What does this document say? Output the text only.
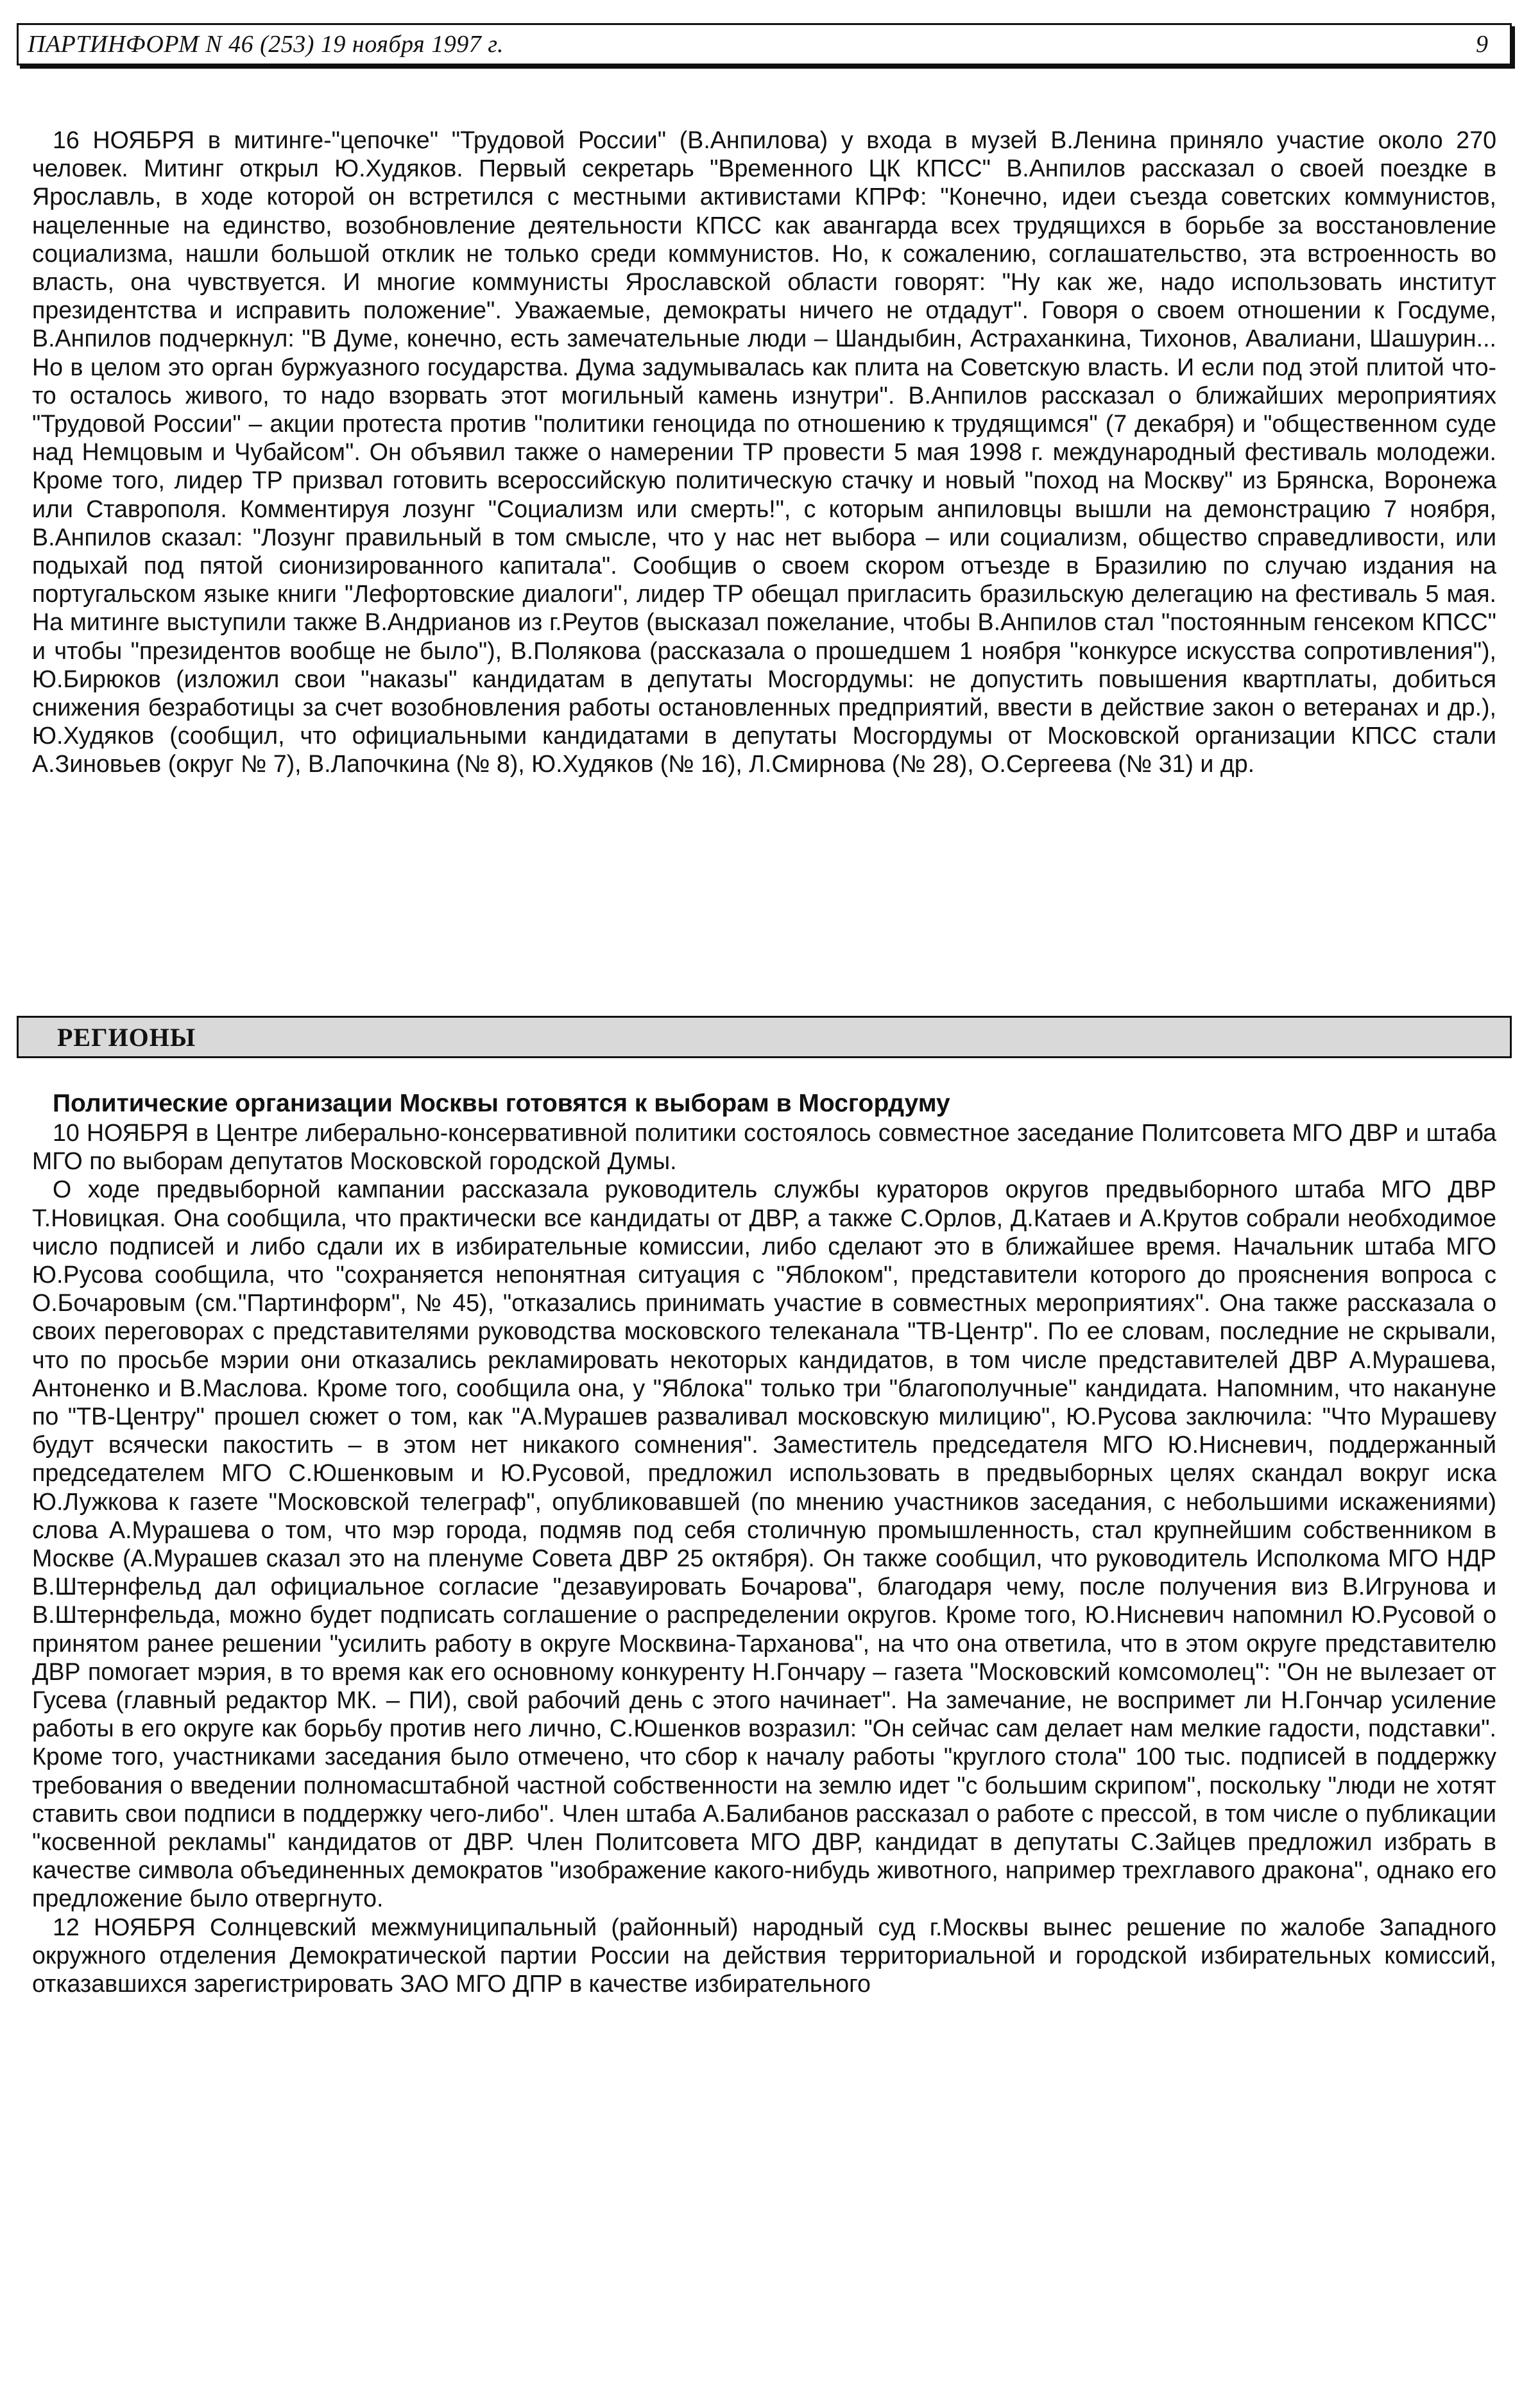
ПАРТИНФОРМ N 46 (253) 19 ноября 1997 г.	9

16 НОЯБРЯ в митинге-"цепочке" "Трудовой России" (В.Анпилова) у входа в музей В.Ленина приняло участие около 270 человек. Митинг открыл Ю.Худяков. Первый секретарь "Временного ЦК КПСС" В.Анпилов рассказал о своей поездке в Ярославль, в ходе которой он встретился с местными активистами КПРФ: "Конечно, идеи съезда советских коммунистов, нацеленные на единство, возобновление деятельности КПСС как авангарда всех трудящихся в борьбе за восстановление социализма, нашли большой отклик не только среди коммунистов. Но, к сожалению, соглашательство, эта встроенность во власть, она чувствуется. И многие коммунисты Ярославской области говорят: "Ну как же, надо использовать институт президентства и исправить положение". Уважаемые, демократы ничего не отдадут". Говоря о своем отношении к Госдуме, В.Анпилов подчеркнул: "В Думе, конечно, есть замечательные люди – Шандыбин, Астраханкина, Тихонов, Авалиани, Шашурин... Но в целом это орган буржуазного государства. Дума задумывалась как плита на Советскую власть. И если под этой плитой что-то осталось живого, то надо взорвать этот могильный камень изнутри". В.Анпилов рассказал о ближайших мероприятиях "Трудовой России" – акции протеста против "политики геноцида по отношению к трудящимся" (7 декабря) и "общественном суде над Немцовым и Чубайсом". Он объявил также о намерении ТР провести 5 мая 1998 г. международный фестиваль молодежи. Кроме того, лидер ТР призвал готовить всероссийскую политическую стачку и новый "поход на Москву" из Брянска, Воронежа или Ставрополя. Комментируя лозунг "Социализм или смерть!", с которым анпиловцы вышли на демонстрацию 7 ноября, В.Анпилов сказал: "Лозунг правильный в том смысле, что у нас нет выбора – или социализм, общество справедливости, или подыхай под пятой сионизированного капитала". Сообщив о своем скором отъезде в Бразилию по случаю издания на португальском языке книги "Лефортовские диалоги", лидер ТР обещал пригласить бразильскую делегацию на фестиваль 5 мая. На митинге выступили также В.Андрианов из г.Реутов (высказал пожелание, чтобы В.Анпилов стал "постоянным генсеком КПСС" и чтобы "президентов вообще не было"), В.Полякова (рассказала о прошедшем 1 ноября "конкурсе искусства сопротивления"), Ю.Бирюков (изложил свои "наказы" кандидатам в депутаты Мосгордумы: не допустить повышения квартплаты, добиться снижения безработицы за счет возобновления работы остановленных предприятий, ввести в действие закон о ветеранах и др.), Ю.Худяков (сообщил, что официальными кандидатами в депутаты Мосгордумы от Московской организации КПСС стали А.Зиновьев (округ № 7), В.Лапочкина (№ 8), Ю.Худяков (№ 16), Л.Смирнова (№ 28), О.Сергеева (№ 31) и др.

РЕГИОНЫ
Политические организации Москвы готовятся к выборам в Мосгордуму

10 НОЯБРЯ в Центре либерально-консервативной политики состоялось совместное заседание Политсовета МГО ДВР и штаба МГО по выборам депутатов Московской городской Думы.

О ходе предвыборной кампании рассказала руководитель службы кураторов округов предвыборного штаба МГО ДВР Т.Новицкая. Она сообщила, что практически все кандидаты от ДВР, а также С.Орлов, Д.Катаев и А.Крутов собрали необходимое число подписей и либо сдали их в избирательные комиссии, либо сделают это в ближайшее время. Начальник штаба МГО Ю.Русова сообщила, что "сохраняется непонятная ситуация с "Яблоком", представители которого до прояснения вопроса с О.Бочаровым (см."Партинформ", № 45), "отказались принимать участие в совместных мероприятиях". Она также рассказала о своих переговорах с представителями руководства московского телеканала "ТВ-Центр". По ее словам, последние не скрывали, что по просьбе мэрии они отказались рекламировать некоторых кандидатов, в том числе представителей ДВР А.Мурашева, Антоненко и В.Маслова. Кроме того, сообщила она, у "Яблока" только три "благополучные" кандидата. Напомним, что накануне по "ТВ-Центру" прошел сюжет о том, как "А.Мурашев разваливал московскую милицию", Ю.Русова заключила: "Что Мурашеву будут всячески пакостить – в этом нет никакого сомнения". Заместитель председателя МГО Ю.Нисневич, поддержанный председателем МГО С.Юшенковым и Ю.Русовой, предложил использовать в предвыборных целях скандал вокруг иска Ю.Лужкова к газете "Московской телеграф", опубликовавшей (по мнению участников заседания, с небольшими искажениями) слова А.Мурашева о том, что мэр города, подмяв под себя столичную промышленность, стал крупнейшим собственником в Москве (А.Мурашев сказал это на пленуме Совета ДВР 25 октября). Он также сообщил, что руководитель Исполкома МГО НДР В.Штернфельд дал официальное согласие "дезавуировать Бочарова", благодаря чему, после получения виз В.Игрунова и В.Штернфельда, можно будет подписать соглашение о распределении округов. Кроме того, Ю.Нисневич напомнил Ю.Русовой о принятом ранее решении "усилить работу в округе Москвина-Тарханова", на что она ответила, что в этом округе представителю ДВР помогает мэрия, в то время как его основному конкуренту Н.Гончару – газета "Московский комсомолец": "Он не вылезает от Гусева (главный редактор МК. – ПИ), свой рабочий день с этого начинает". На замечание, не воспримет ли Н.Гончар усиление работы в его округе как борьбу против него лично, С.Юшенков возразил: "Он сейчас сам делает нам мелкие гадости, подставки". Кроме того, участниками заседания было отмечено, что сбор к началу работы "круглого стола" 100 тыс. подписей в поддержку требования о введении полномасштабной частной собственности на землю идет "с большим скрипом", поскольку "люди не хотят ставить свои подписи в поддержку чего-либо". Член штаба А.Балибанов рассказал о работе с прессой, в том числе о публикации "косвенной рекламы" кандидатов от ДВР. Член Политсовета МГО ДВР, кандидат в депутаты С.Зайцев предложил избрать в качестве символа объединенных демократов "изображение какого-нибудь животного, например трехглавого дракона", однако его предложение было отвергнуто.

12 НОЯБРЯ Солнцевский межмуниципальный (районный) народный суд г.Москвы вынес решение по жалобе Западного окружного отделения Демократической партии России на действия территориальной и городской избирательных комиссий, отказавшихся зарегистрировать ЗАО МГО ДПР в качестве избирательного
